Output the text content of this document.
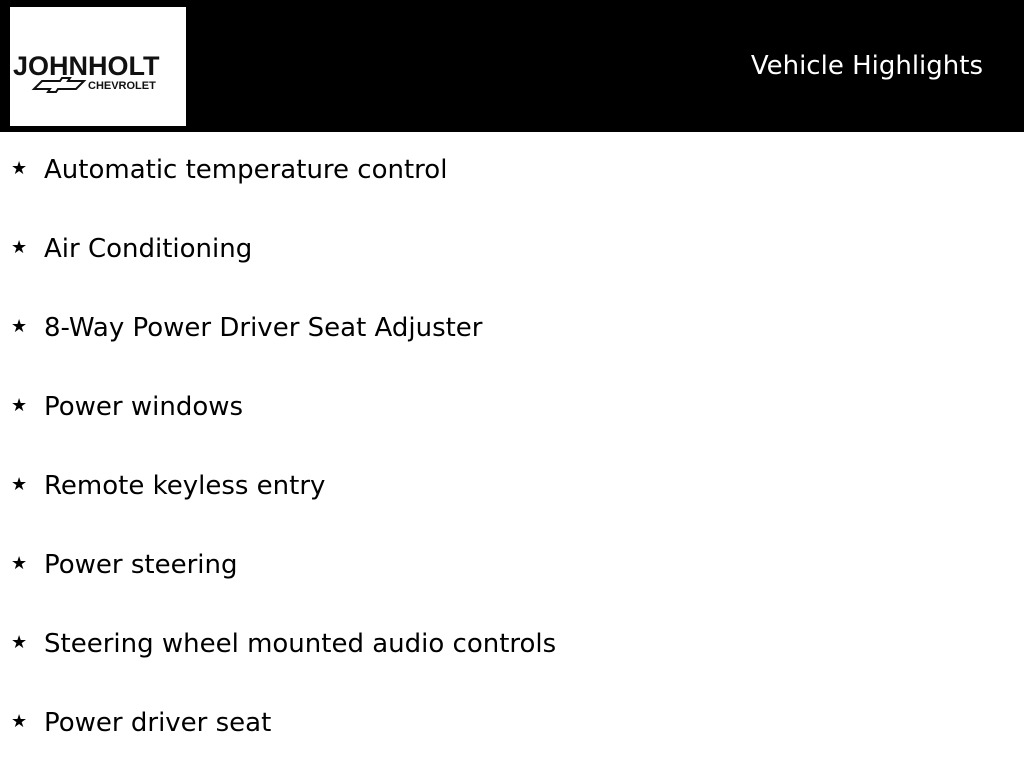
JOHNHOLT
CHEVROLET
Vehicle Highlights
★ Automatic temperature control
★ Air Conditioning
★ 8-Way Power Driver Seat Adjuster
★ Power windows
★ Remote keyless entry
★ Power steering
★ Steering wheel mounted audio controls
★ Power driver seat
